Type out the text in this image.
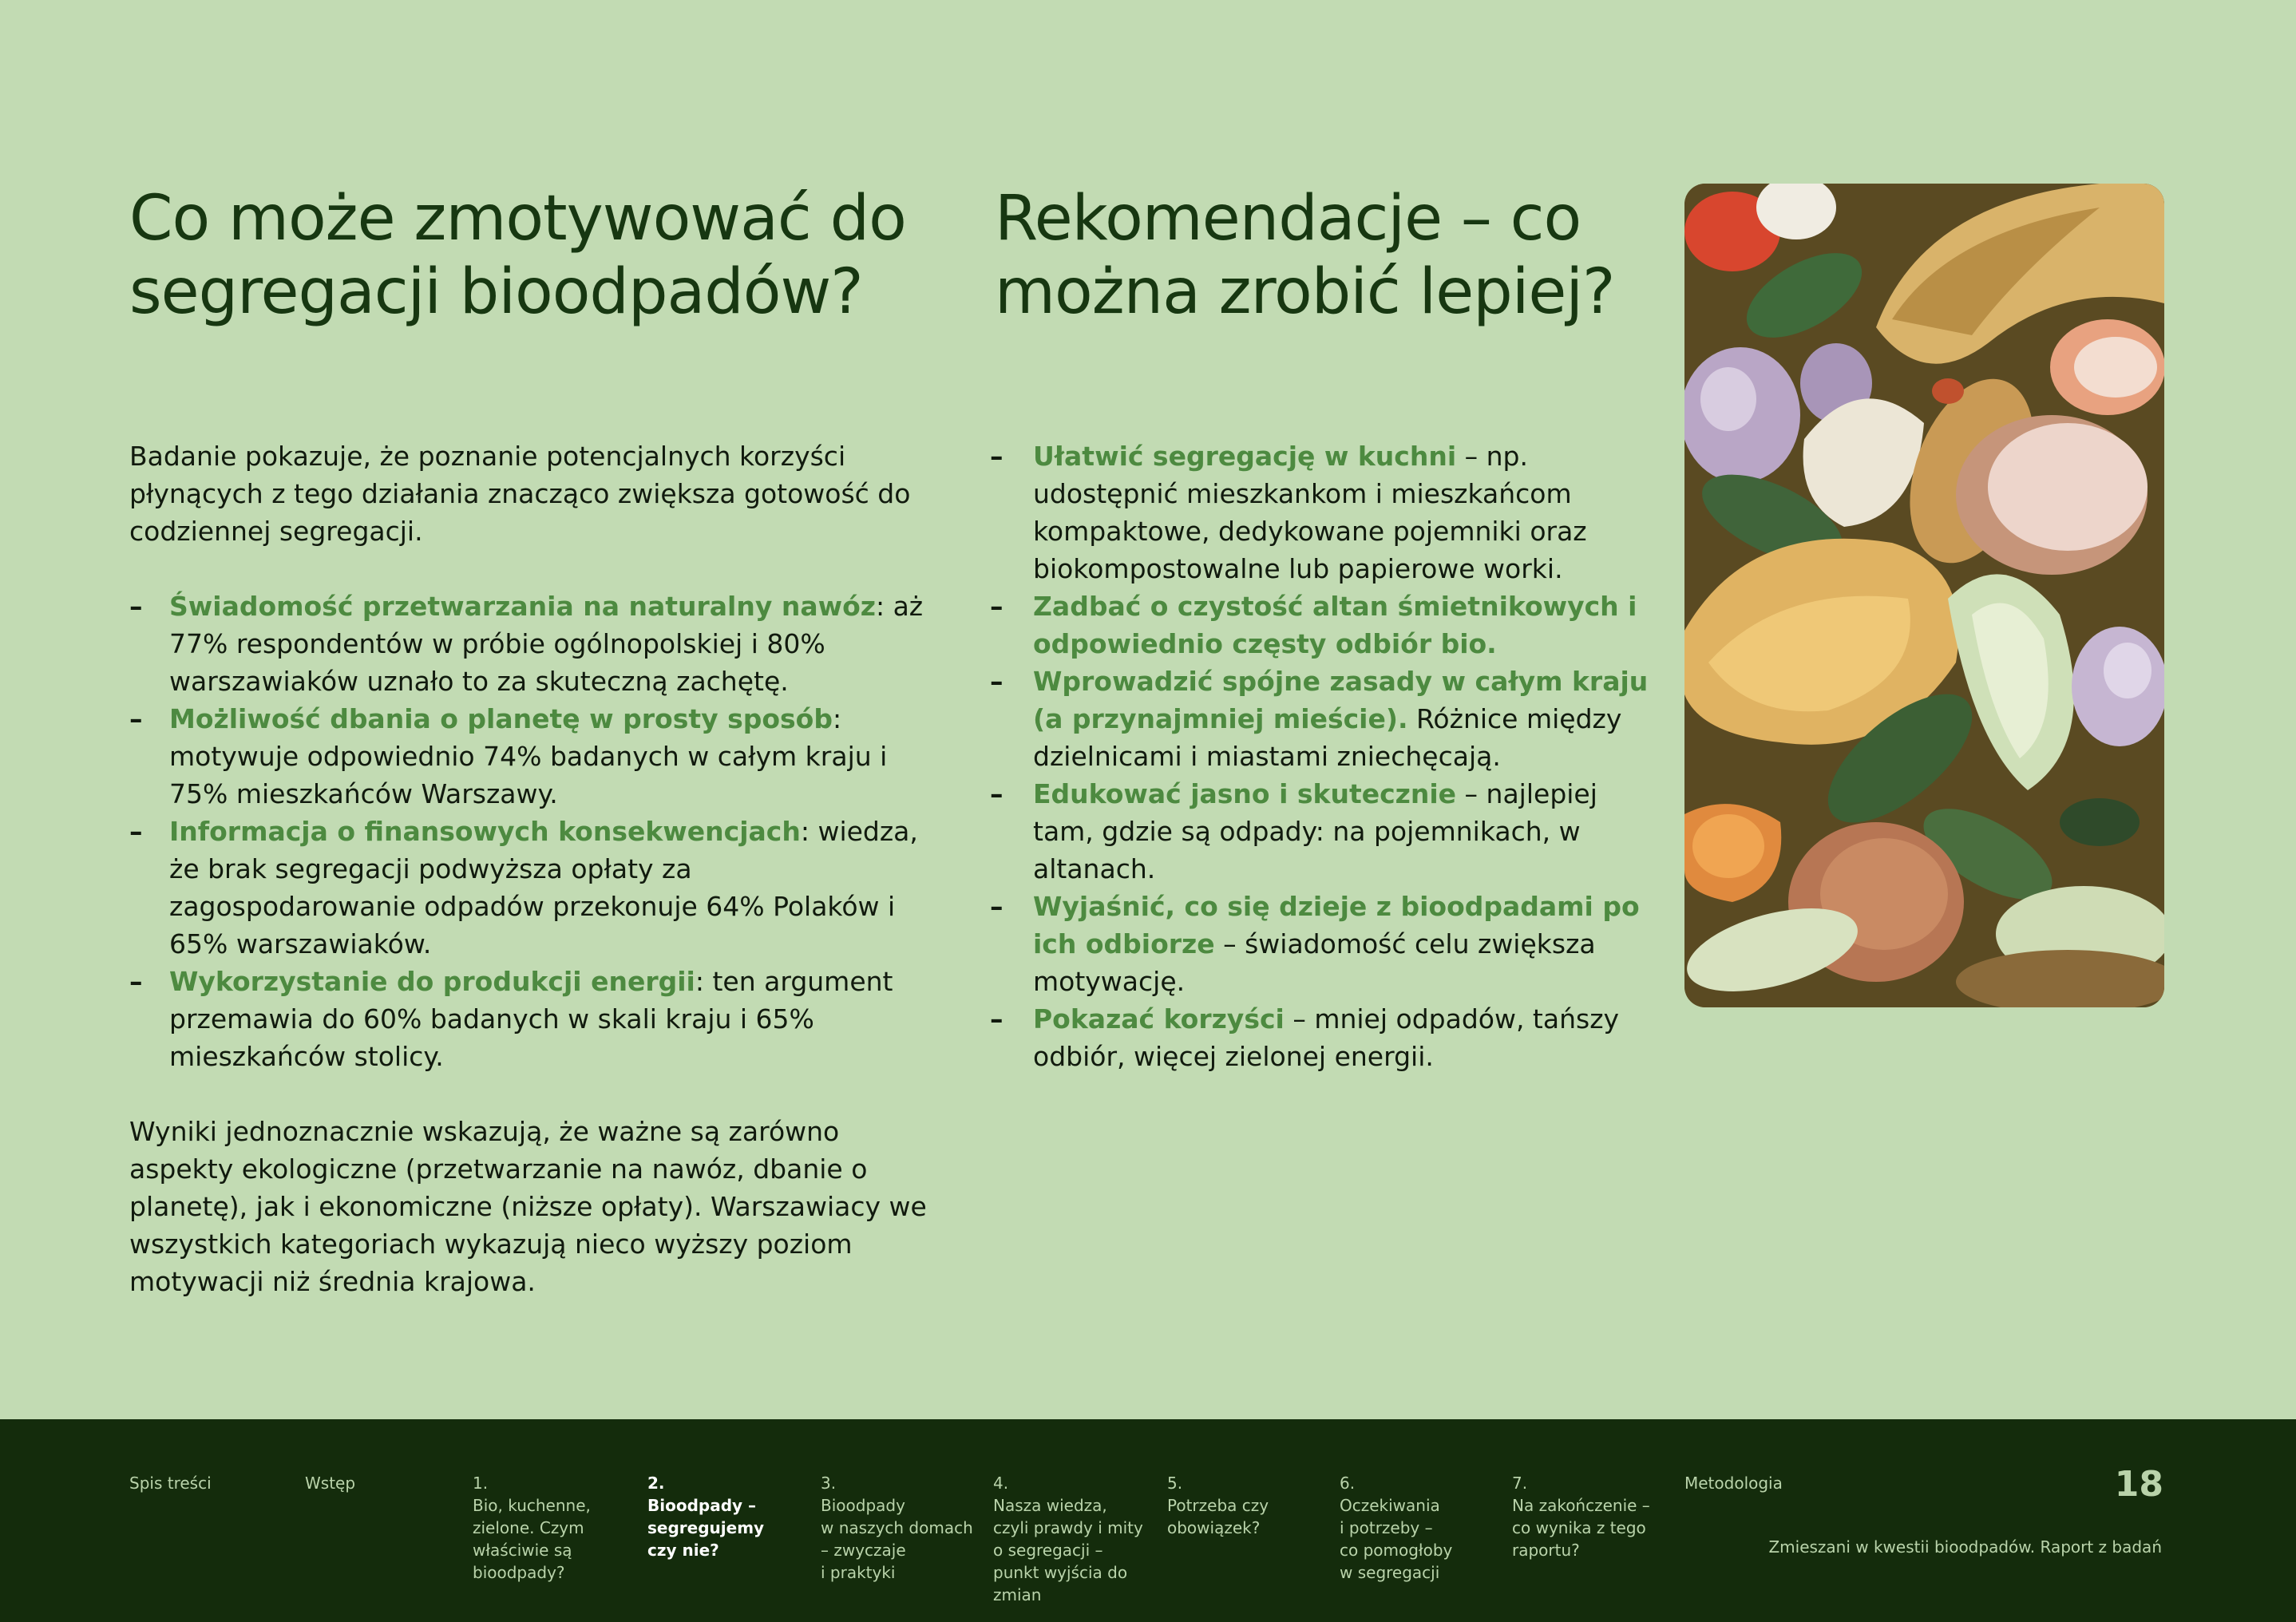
Co może zmotywować do segregacji bioodpadów?
Rekomendacje – co można zrobić lepiej?

Badanie pokazuje, że poznanie potencjalnych korzyści płynących z tego działania znacząco zwiększa gotowość do codziennej segregacji.

– Świadomość przetwarzania na naturalny nawóz: aż 77% respondentów w próbie ogólnopolskiej i 80% warszawiaków uznało to za skuteczną zachętę.
– Możliwość dbania o planetę w prosty sposób: motywuje odpowiednio 74% badanych w całym kraju i 75% mieszkańców Warszawy.
– Informacja o finansowych konsekwencjach: wiedza, że brak segregacji podwyższa opłaty za zagospodarowanie odpadów przekonuje 64% Polaków i 65% warszawiaków.
– Wykorzystanie do produkcji energii: ten argument przemawia do 60% badanych w skali kraju i 65% mieszkańców stolicy.

Wyniki jednoznacznie wskazują, że ważne są zarówno aspekty ekologiczne (przetwarzanie na nawóz, dbanie o planetę), jak i ekonomiczne (niższe opłaty). Warszawiacy we wszystkich kategoriach wykazują nieco wyższy poziom motywacji niż średnia krajowa.

– Ułatwić segregację w kuchni – np. udostępnić mieszkankom i mieszkańcom kompaktowe, dedykowane pojemniki oraz biokompostowalne lub papierowe worki.
– Zadbać o czystość altan śmietnikowych i odpowiednio częsty odbiór bio.
– Wprowadzić spójne zasady w całym kraju (a przynajmniej mieście). Różnice między dzielnicami i miastami zniechęcają.
– Edukować jasno i skutecznie – najlepiej tam, gdzie są odpady: na pojemnikach, w altanach.
– Wyjaśnić, co się dzieje z bioodpadami po ich odbiorze – świadomość celu zwiększa motywację.
– Pokazać korzyści – mniej odpadów, tańszy odbiór, więcej zielonej energii.
Spis treści	Wstęp	1.
Bio, kuchenne,
zielone. Czym
właściwie są
bioodpady?
2.
Bioodpady –
segregujemy
czy nie?
3.
Bioodpady
w naszych domach
– zwyczaje
i praktyki
4.
Nasza wiedza,
czyli prawdy i mity
o segregacji –
punkt wyjścia do
zmian
5.
Potrzeba czy
obowiązek?
6.
Oczekiwania
i potrzeby –
co pomogłoby
w segregacji
7.
Na zakończenie –
co wynika z tego
raportu?
Metodologia	18
Zmieszani w kwestii bioodpadów. Raport z badań
